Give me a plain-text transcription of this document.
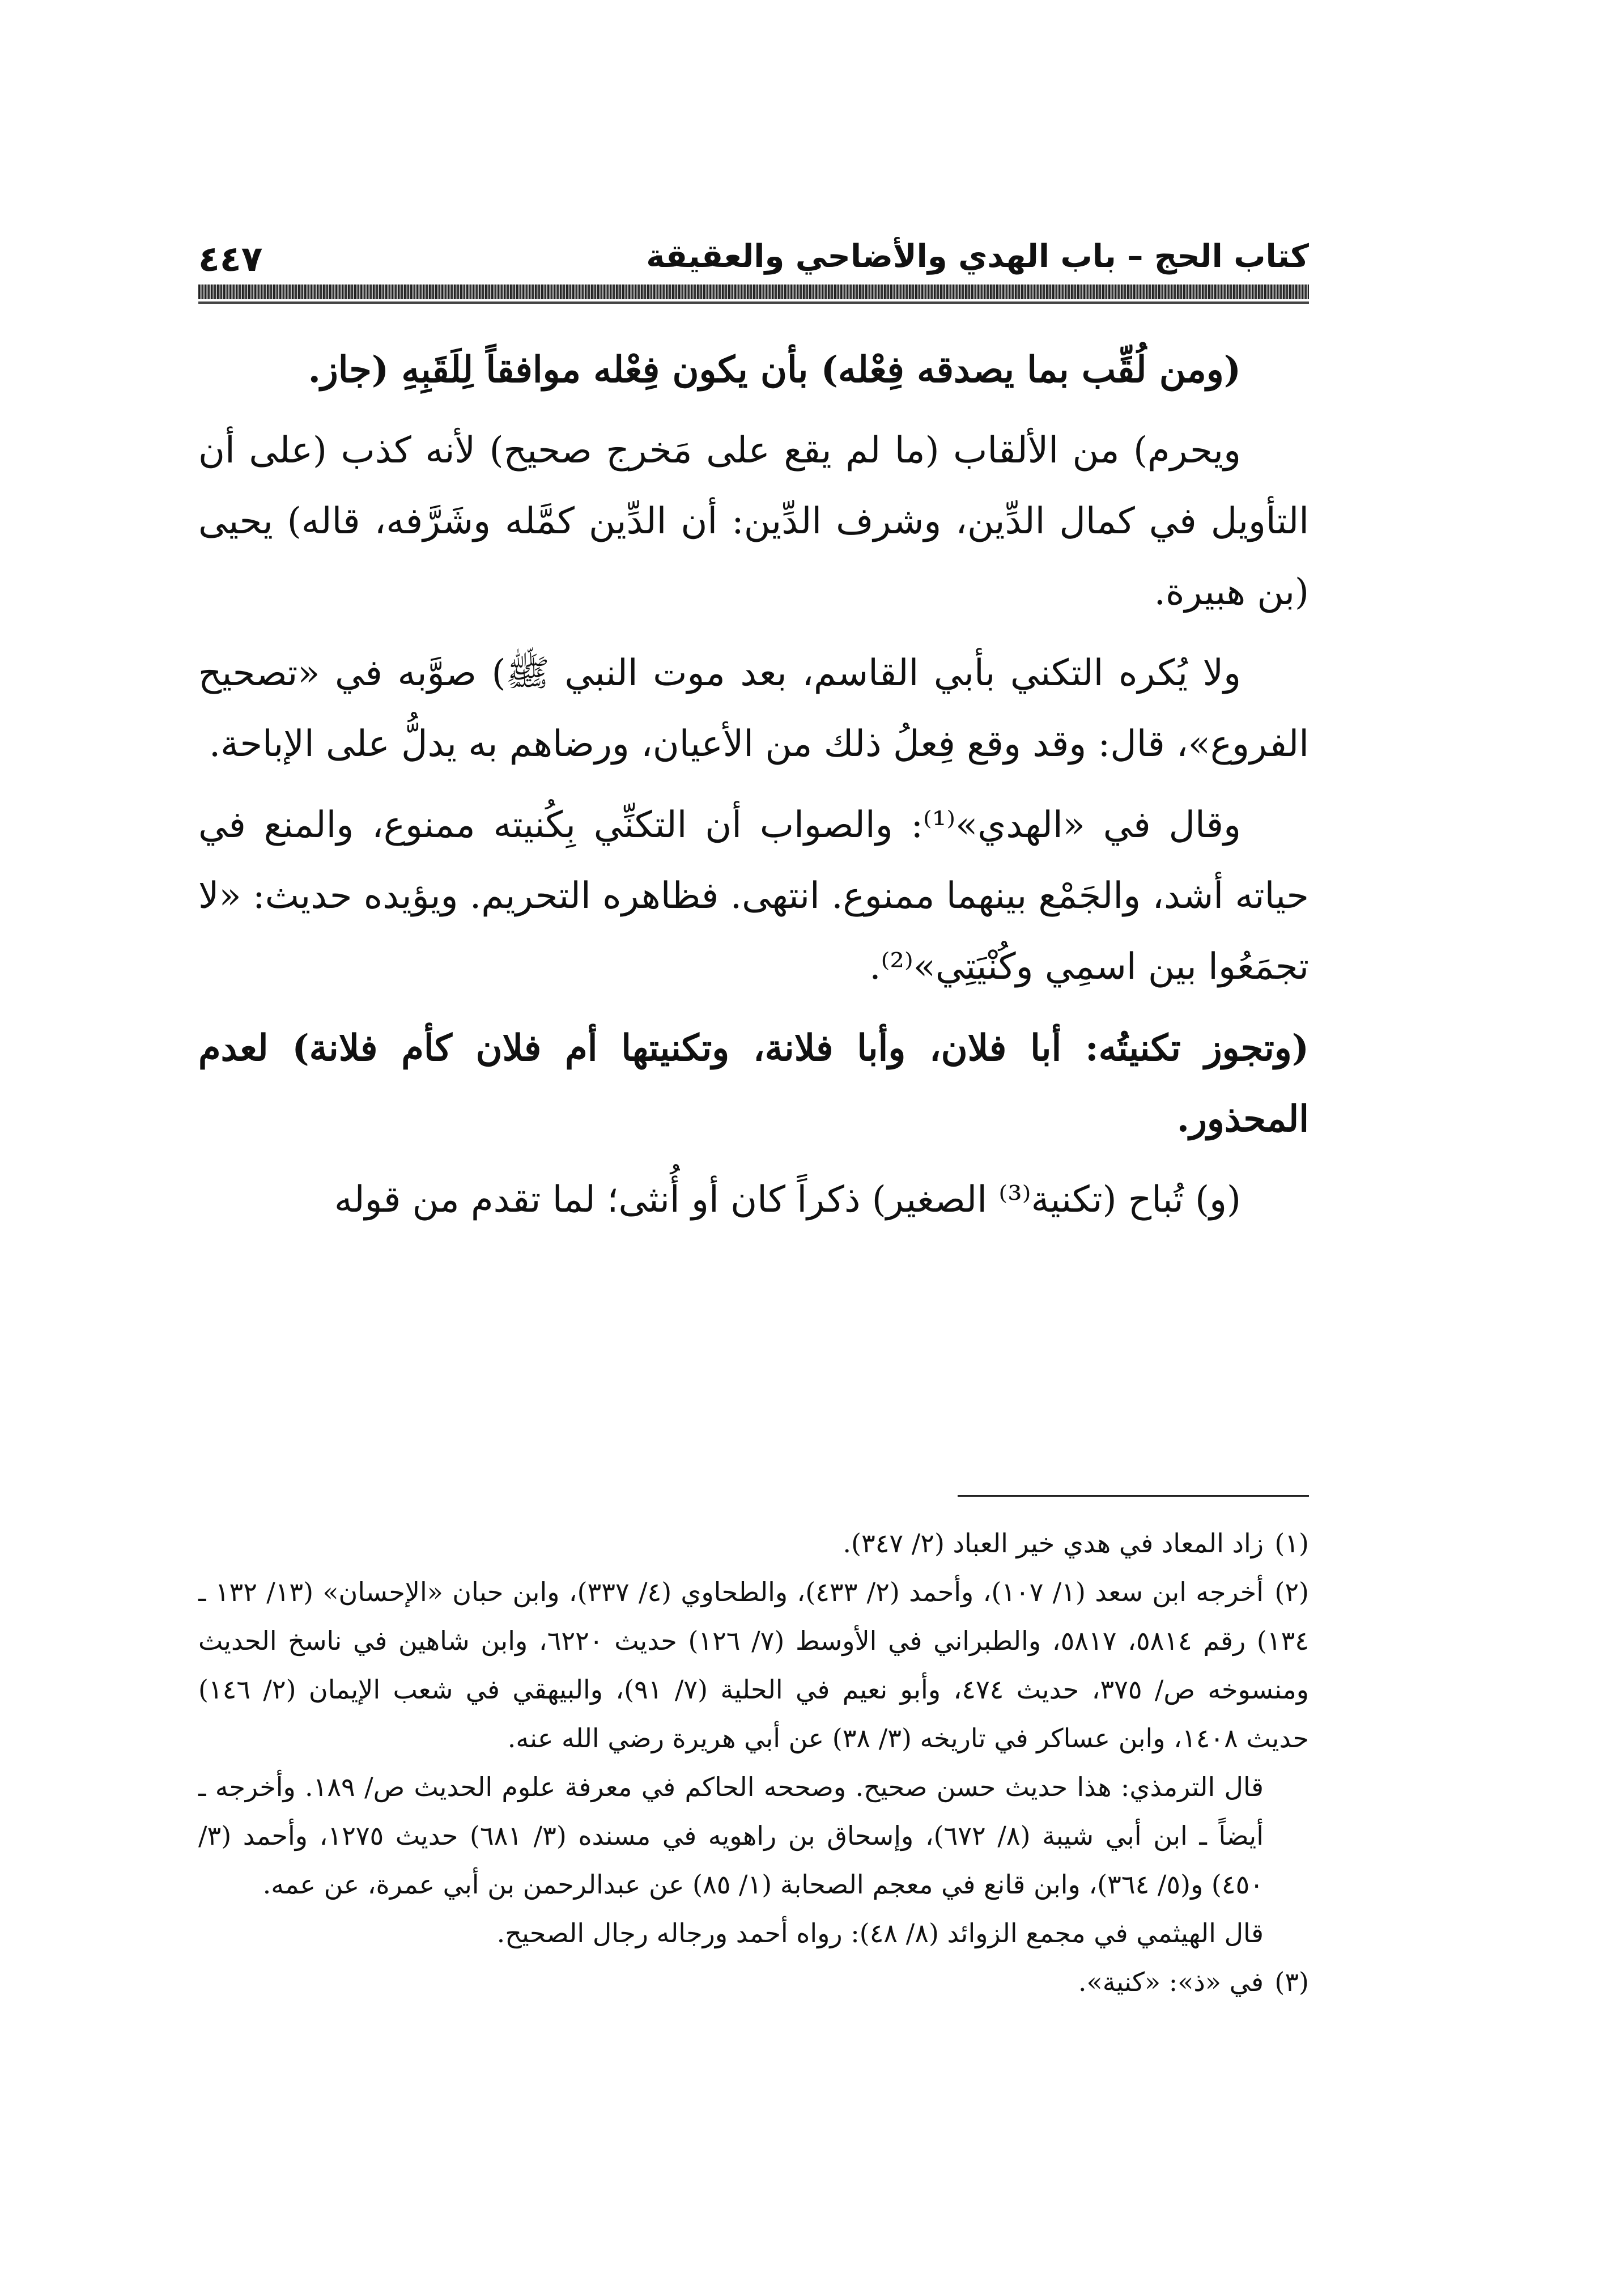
كتاب الحج – باب الهدي والأضاحي والعقيقة
٤٤٧

(ومن لُقِّب بما يصدقه فِعْله) بأن يكون فِعْله موافقاً لِلَقَبِهِ (جاز.

ويحرم) من الألقاب (ما لم يقع على مَخرج صحيح) لأنه كذب (على أن التأويل في كمال الدِّين، وشرف الدِّين: أن الدِّين كمَّله وشَرَّفه، قاله) يحيى (بن هبيرة.

ولا يُكره التكني بأبي القاسم، بعد موت النبي ﷺ) صوَّبه في «تصحيح الفروع»، قال: وقد وقع فِعلُ ذلك من الأعيان، ورضاهم به يدلُّ على الإباحة.

وقال في «الهدي»⁽¹⁾: والصواب أن التكنِّي بِكُنيته ممنوع، والمنع في حياته أشد، والجَمْع بينهما ممنوع. انتهى. فظاهره التحريم. ويؤيده حديث: «لا تجمَعُوا بين اسمِي وكُنْيَتِي»⁽²⁾.

(وتجوز تكنيتُه: أبا فلان، وأبا فلانة، وتكنيتها أم فلان كأم فلانة) لعدم المحذور.

(و) تُباح (تكنية⁽³⁾ الصغير) ذكراً كان أو أُنثى؛ لما تقدم من قوله

(١)زاد المعاد في هدي خير العباد (٢/ ٣٤٧).

(٢)أخرجه ابن سعد (١/ ١٠٧)، وأحمد (٢/ ٤٣٣)، والطحاوي (٤/ ٣٣٧)، وابن حبان «الإحسان» (١٣/ ١٣٢ ـ ١٣٤) رقم ٥٨١٤، ٥٨١٧، والطبراني في الأوسط (٧/ ١٢٦) حديث ٦٢٢٠، وابن شاهين في ناسخ الحديث ومنسوخه ص/ ٣٧٥، حديث ٤٧٤، وأبو نعيم في الحلية (٧/ ٩١)، والبيهقي في شعب الإيمان (٢/ ١٤٦) حديث ١٤٠٨، وابن عساكر في تاريخه (٣/ ٣٨) عن أبي هريرة رضي الله عنه.

قال الترمذي: هذا حديث حسن صحيح. وصححه الحاكم في معرفة علوم الحديث ص/ ١٨٩. وأخرجه ـ أيضاً ـ ابن أبي شيبة (٨/ ٦٧٢)، وإسحاق بن راهويه في مسنده (٣/ ٦٨١) حديث ١٢٧٥، وأحمد (٣/ ٤٥٠) و(٥/ ٣٦٤)، وابن قانع في معجم الصحابة (١/ ٨٥) عن عبدالرحمن بن أبي عمرة، عن عمه.

قال الهيثمي في مجمع الزوائد (٨/ ٤٨): رواه أحمد ورجاله رجال الصحيح.

(٣)في «ذ»: «كنية».
